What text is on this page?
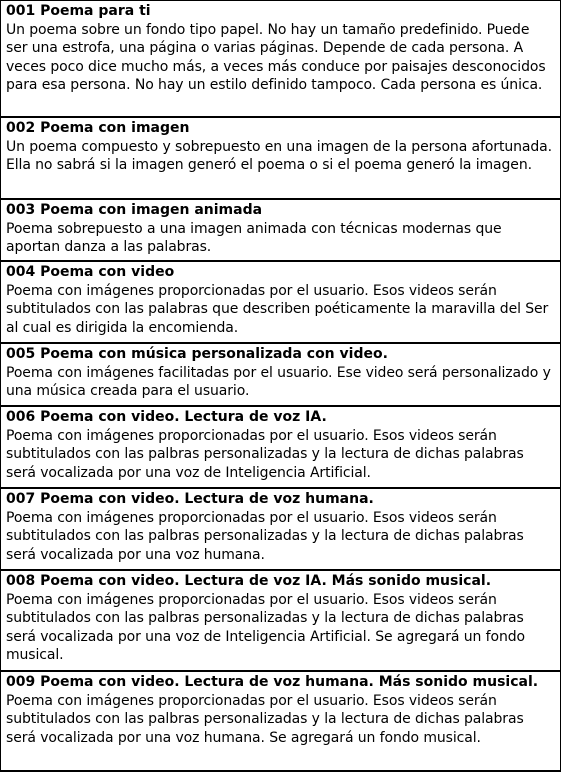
001 Poema para ti
Un poema sobre un fondo tipo papel. No hay un tamaño predefinido. Puede ser una estrofa, una página o varias páginas. Depende de cada persona. A veces poco dice mucho más, a veces más conduce por paisajes desconocidos para esa persona. No hay un estilo definido tampoco. Cada persona es única.
002 Poema con imagen
Un poema compuesto y sobrepuesto en una imagen de la persona afortunada. Ella no sabrá si la imagen generó el poema o si el poema generó la imagen.
003 Poema con imagen animada
Poema sobrepuesto a una imagen animada con técnicas modernas que aportan danza a las palabras.
004 Poema con video
Poema con imágenes proporcionadas por el usuario. Esos videos serán subtitulados con las palabras que describen poéticamente la maravilla del Ser al cual es dirigida la encomienda.
005 Poema con música personalizada con video.
Poema con imágenes facilitadas por el usuario. Ese video será personalizado y una música creada para el usuario.
006 Poema con video. Lectura de voz IA.
Poema con imágenes proporcionadas por el usuario. Esos videos serán subtitulados con las palbras personalizadas y la lectura de dichas palabras será vocalizada por una voz de Inteligencia Artificial.
007 Poema con video. Lectura de voz humana.
Poema con imágenes proporcionadas por el usuario. Esos videos serán subtitulados con las palbras personalizadas y la lectura de dichas palabras será vocalizada por una voz humana.
008 Poema con video. Lectura de voz IA. Más sonido musical.
Poema con imágenes proporcionadas por el usuario. Esos videos serán subtitulados con las palbras personalizadas y la lectura de dichas palabras será vocalizada por una voz de Inteligencia Artificial. Se agregará un fondo musical.
009 Poema con video. Lectura de voz humana. Más sonido musical.
Poema con imágenes proporcionadas por el usuario. Esos videos serán subtitulados con las palbras personalizadas y la lectura de dichas palabras será vocalizada por una voz humana. Se agregará un fondo musical.
